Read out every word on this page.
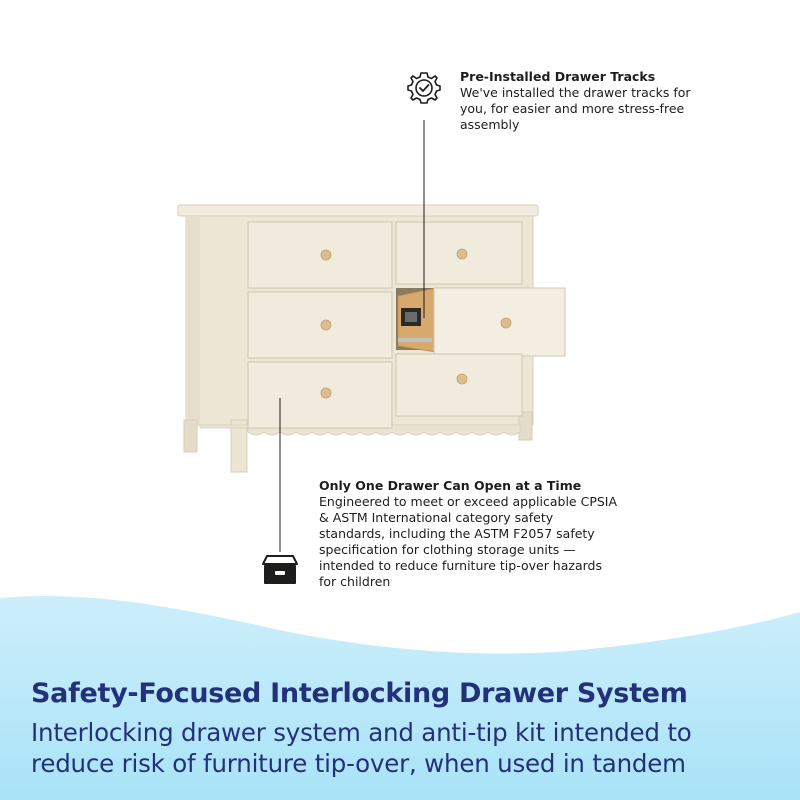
Pre-Installed Drawer Tracks
We've installed the drawer tracks for you, for easier and more stress-free assembly
Only One Drawer Can Open at a Time
Engineered to meet or exceed applicable CPSIA & ASTM International category safety standards, including the ASTM F2057 safety specification for clothing storage units — intended to reduce furniture tip-over hazards for children
Safety-Focused Interlocking Drawer System
Interlocking drawer system and anti-tip kit intended to reduce risk of furniture tip-over, when used in tandem
